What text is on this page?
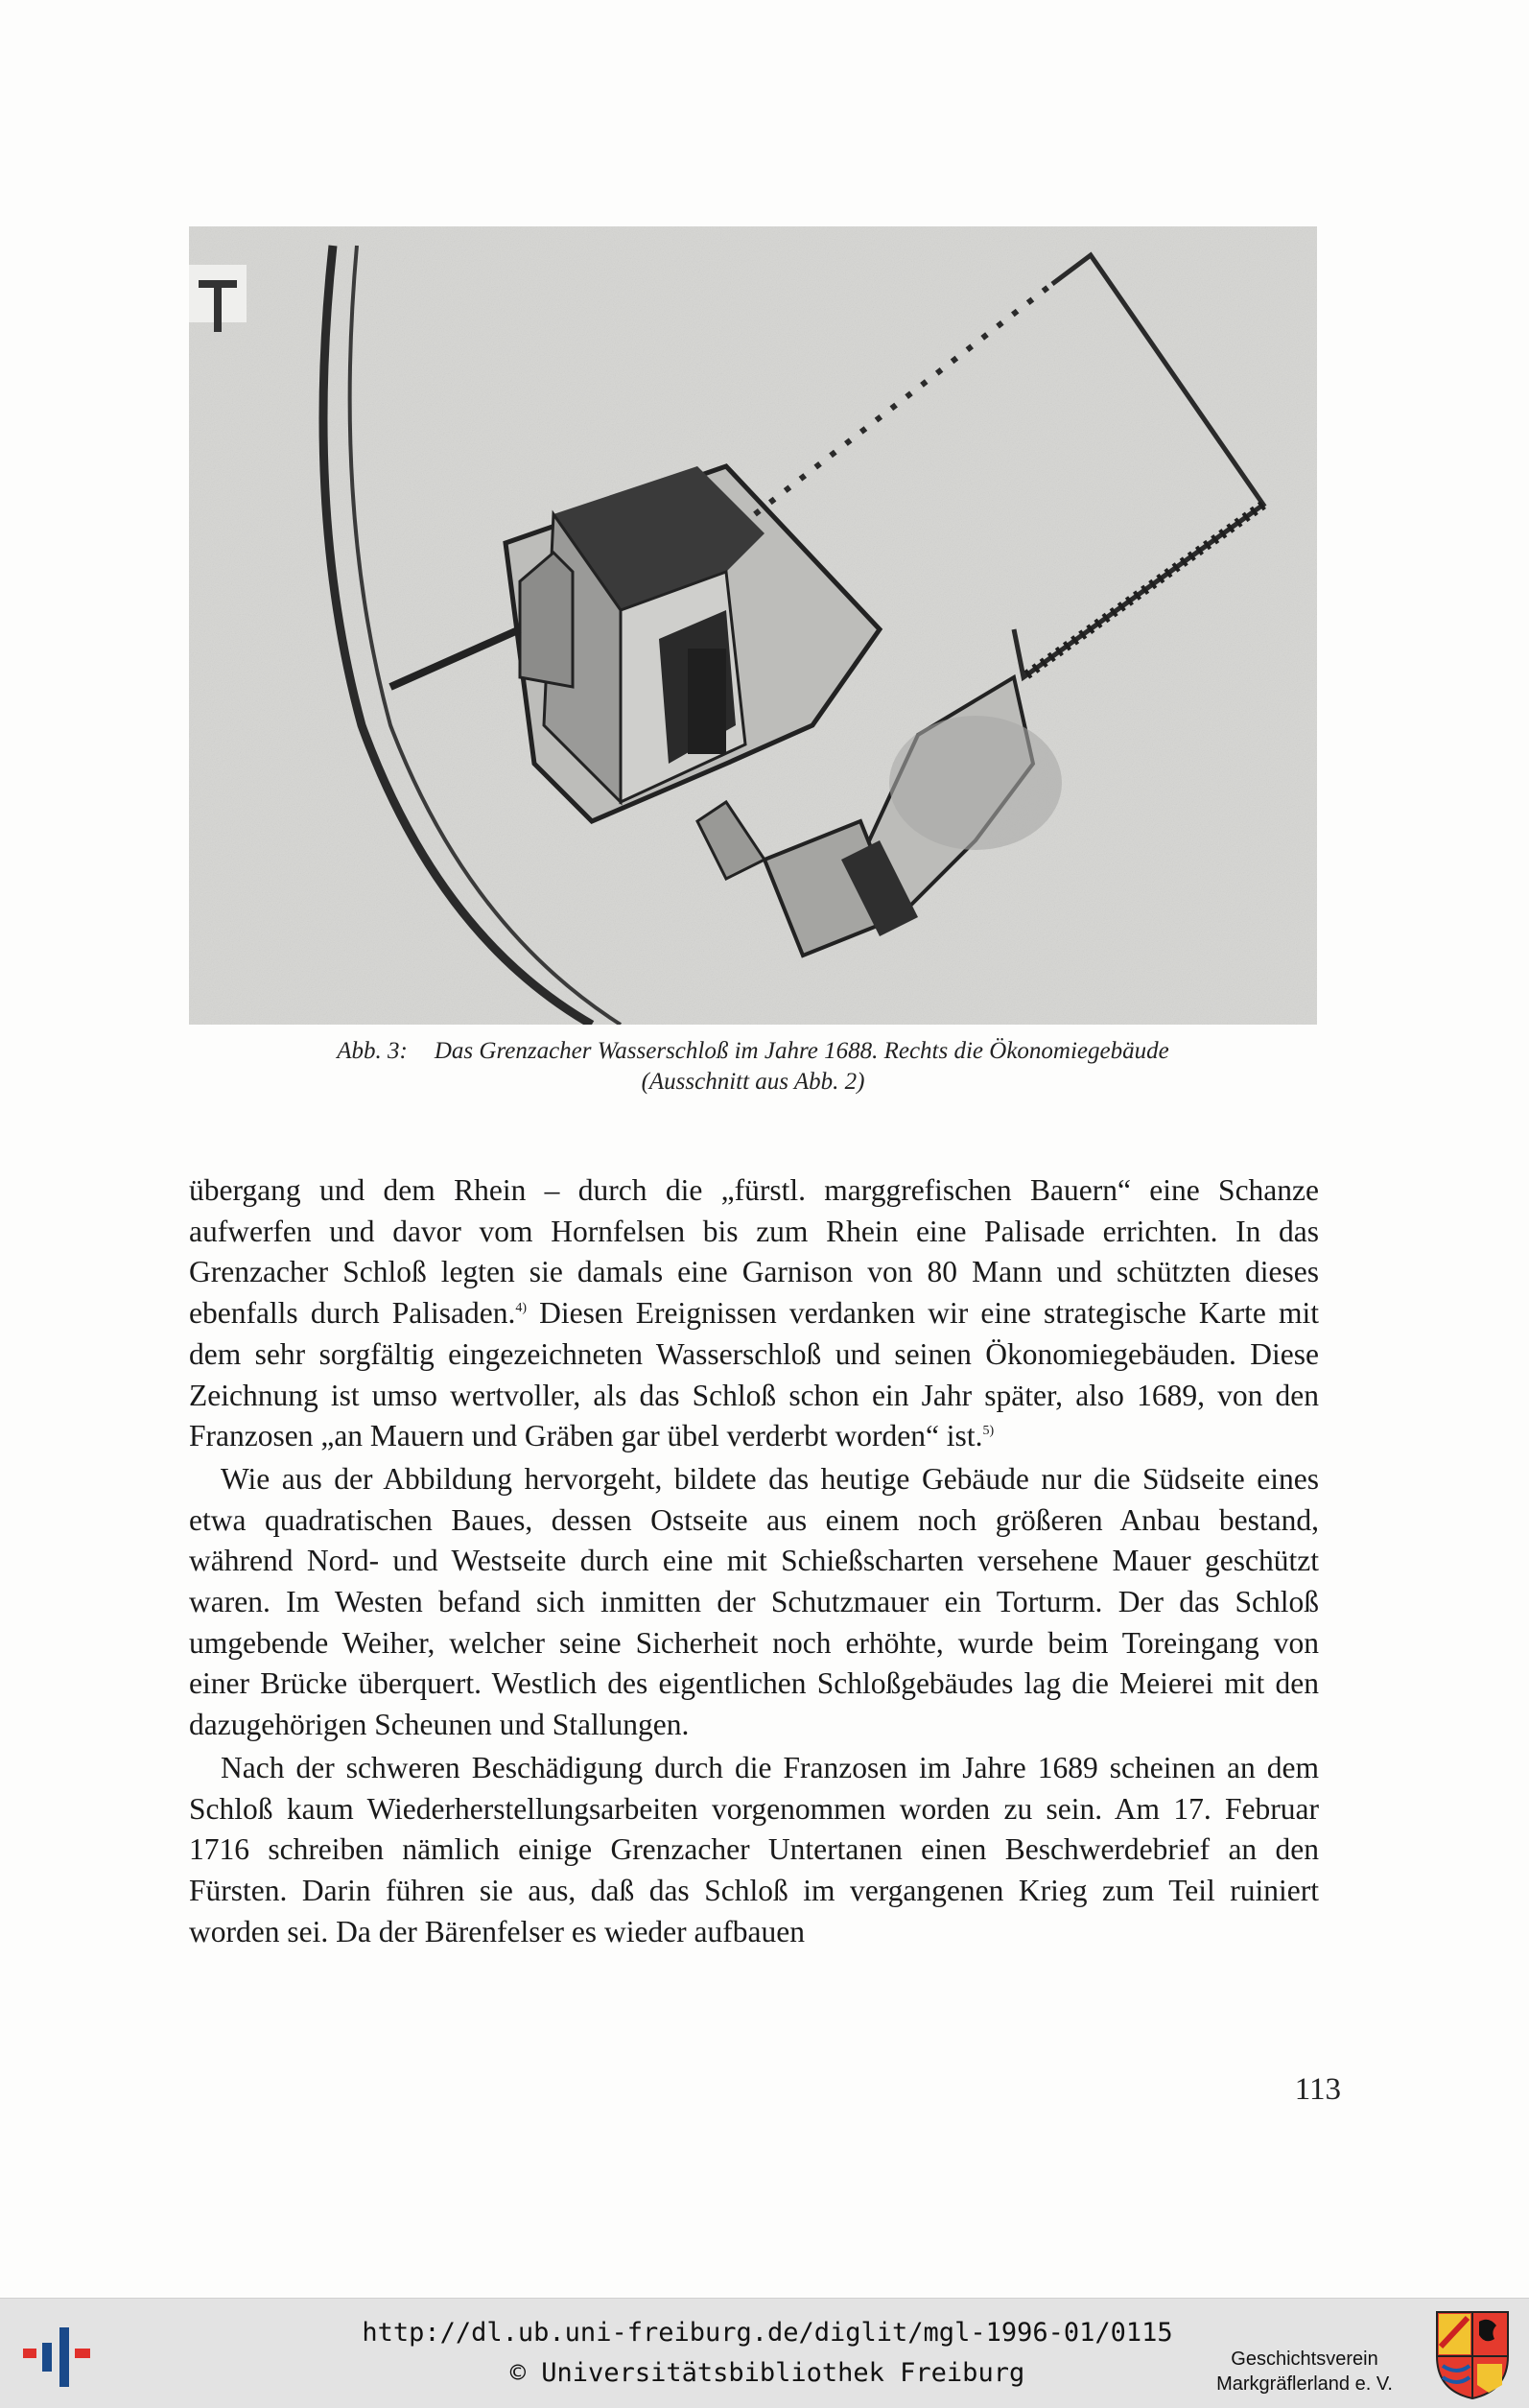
Abb. 3: Das Grenzacher Wasserschloß im Jahre 1688. Rechts die Ökonomiegebäude
(Ausschnitt aus Abb. 2)

übergang und dem Rhein – durch die „fürstl. marggrefischen Bauern“ eine Schanze aufwerfen und davor vom Hornfelsen bis zum Rhein eine Palisade errichten. In das Grenzacher Schloß legten sie damals eine Garnison von 80 Mann und schützten dieses ebenfalls durch Palisaden.$^{4)}$ Diesen Ereignissen verdanken wir eine strategische Karte mit dem sehr sorgfältig eingezeichneten Wasserschloß und seinen Ökonomiegebäuden. Diese Zeichnung ist umso wertvoller, als das Schloß schon ein Jahr später, also 1689, von den Franzosen „an Mauern und Gräben gar übel verderbt worden“ ist.$^{5)}$

Wie aus der Abbildung hervorgeht, bildete das heutige Gebäude nur die Südseite eines etwa quadratischen Baues, dessen Ostseite aus einem noch größeren Anbau bestand, während Nord- und Westseite durch eine mit Schießscharten versehene Mauer geschützt waren. Im Westen befand sich inmitten der Schutzmauer ein Torturm. Der das Schloß umgebende Weiher, welcher seine Sicherheit noch erhöhte, wurde beim Toreingang von einer Brücke überquert. Westlich des eigentlichen Schloßgebäudes lag die Meierei mit den dazugehörigen Scheunen und Stallungen.

Nach der schweren Beschädigung durch die Franzosen im Jahre 1689 scheinen an dem Schloß kaum Wiederherstellungsarbeiten vorgenommen worden zu sein. Am 17. Februar 1716 schreiben nämlich einige Grenzacher Untertanen einen Beschwerdebrief an den Fürsten. Darin führen sie aus, daß das Schloß im vergangenen Krieg zum Teil ruiniert worden sei. Da der Bärenfelser es wieder aufbauen

113
http://dl.ub.uni-freiburg.de/diglit/mgl-1996-01/0115
© Universitätsbibliothek Freiburg	Geschichtsverein
Markgräflerland e. V.
